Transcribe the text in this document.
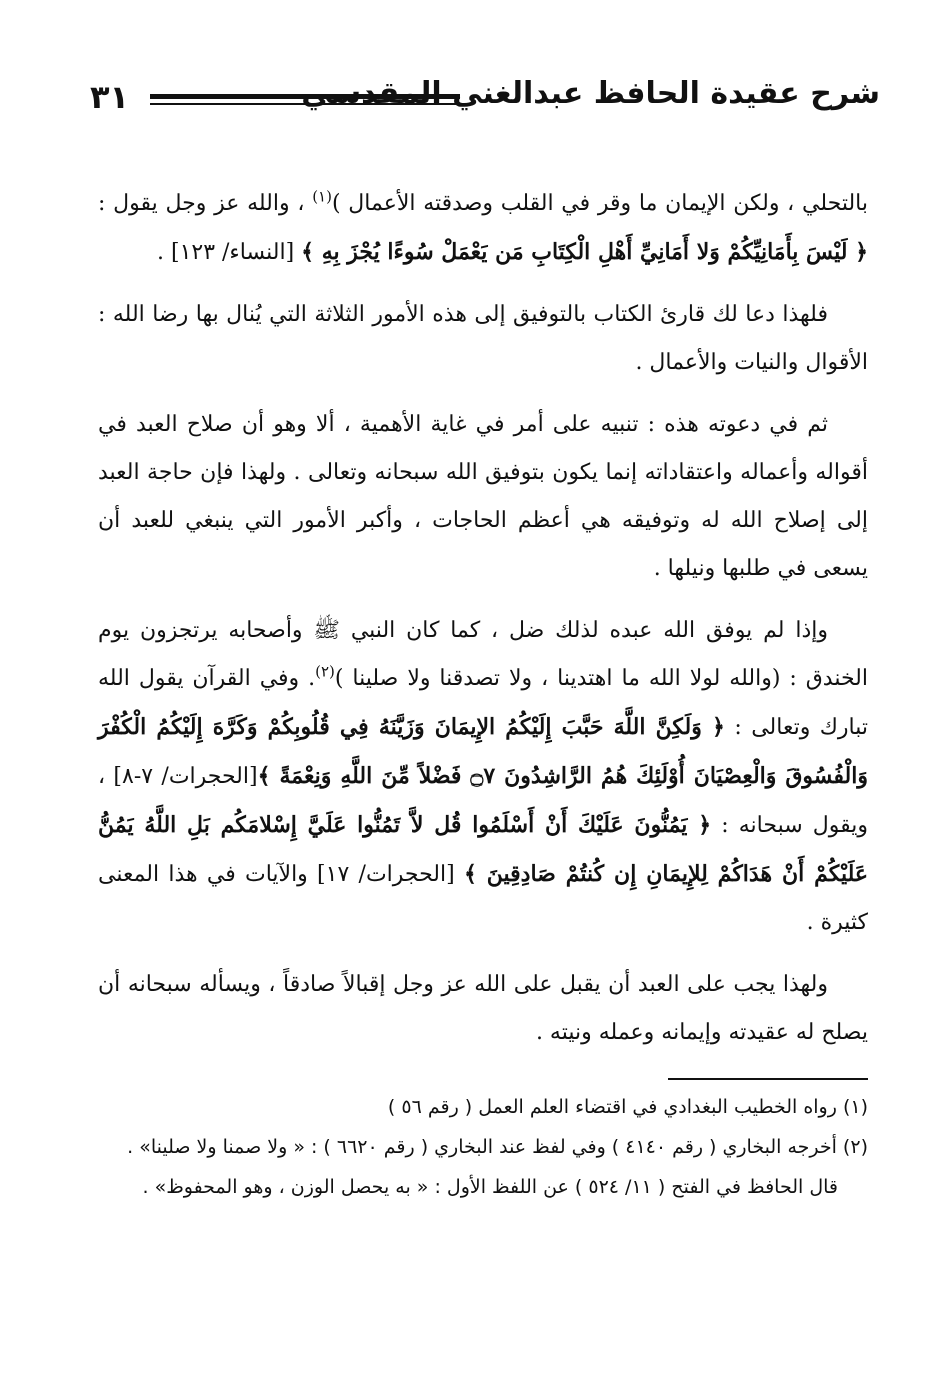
شرح عقيدة الحافظ عبدالغني المقدسي
٣١

بالتحلي ، ولكن الإيمان ما وقر في القلب وصدقته الأعمال )$^{(١)}$ ، والله عز وجل يقول : ﴿ لَيْسَ بِأَمَانِيِّكُمْ وَلا أَمَانِيِّ أَهْلِ الْكِتَابِ مَن يَعْمَلْ سُوءًا يُجْزَ بِهِ ﴾ [النساء/ ١٢٣] .

فلهذا دعا لك قارئ الكتاب بالتوفيق إلى هذه الأمور الثلاثة التي يُنال بها رضا الله : الأقوال والنيات والأعمال .

ثم في دعوته هذه : تنبيه على أمر في غاية الأهمية ، ألا وهو أن صلاح العبد في أقواله وأعماله واعتقاداته إنما يكون بتوفيق الله سبحانه وتعالى . ولهذا فإن حاجة العبد إلى إصلاح الله له وتوفيقه هي أعظم الحاجات ، وأكبر الأمور التي ينبغي للعبد أن يسعى في طلبها ونيلها .

وإذا لم يوفق الله عبده لذلك ضل ، كما كان النبي ﷺ وأصحابه يرتجزون يوم الخندق : (والله لولا الله ما اهتدينا ، ولا تصدقنا ولا صلينا )$^{(٢)}$. وفي القرآن يقول الله تبارك وتعالى : ﴿ وَلَكِنَّ اللَّهَ حَبَّبَ إِلَيْكُمُ الإِيمَانَ وَزَيَّنَهُ فِي قُلُوبِكُمْ وَكَرَّهَ إِلَيْكُمُ الْكُفْرَ وَالْفُسُوقَ وَالْعِصْيَانَ أُوْلَئِكَ هُمُ الرَّاشِدُونَ ۝٧ فَضْلاً مِّنَ اللَّهِ وَنِعْمَةً ﴾[الحجرات/ ٧-٨] ، ويقول سبحانه : ﴿ يَمُنُّونَ عَلَيْكَ أَنْ أَسْلَمُوا قُل لاَّ تَمُنُّوا عَلَيَّ إِسْلامَكُم بَلِ اللَّهُ يَمُنُّ عَلَيْكُمْ أَنْ هَدَاكُمْ لِلإِيمَانِ إِن كُنتُمْ صَادِقِينَ ﴾ [الحجرات/ ١٧] والآيات في هذا المعنى كثيرة .

ولهذا يجب على العبد أن يقبل على الله عز وجل إقبالاً صادقاً ، ويسأله سبحانه أن يصلح له عقيدته وإيمانه وعمله ونيته .

(١) رواه الخطيب البغدادي في اقتضاء العلم العمل ( رقم ٥٦ )
(٢) أخرجه البخاري ( رقم ٤١٤٠ ) وفي لفظ عند البخاري ( رقم ٦٦٢٠ ) : « ولا صمنا ولا صلينا» .
قال الحافظ في الفتح ( ١١/ ٥٢٤ ) عن اللفظ الأول : « به يحصل الوزن ، وهو المحفوظ» .
